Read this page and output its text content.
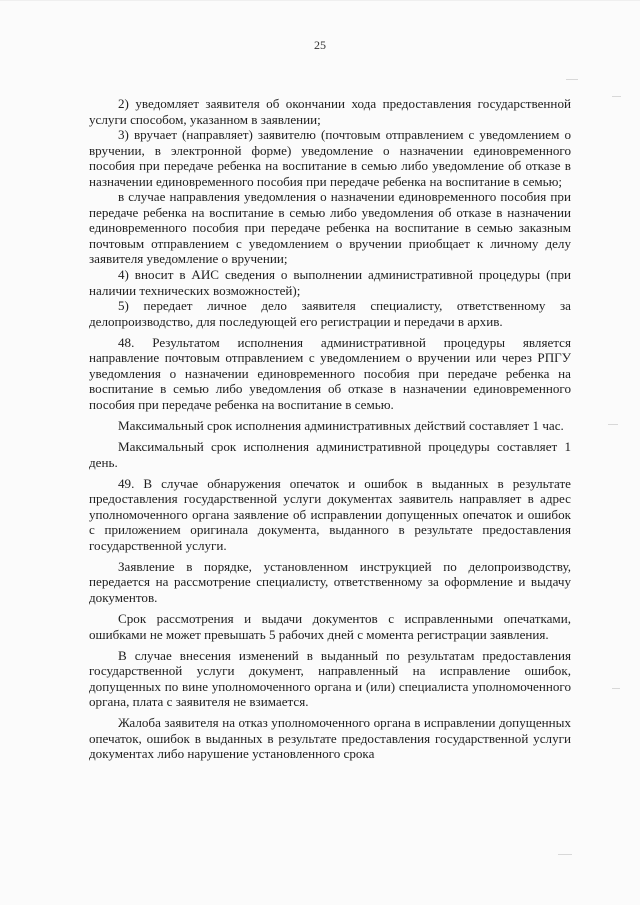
25

2) уведомляет заявителя об окончании хода предоставления государственной услуги способом, указанном в заявлении;

3) вручает (направляет) заявителю (почтовым отправлением с уведомлением о вручении, в электронной форме) уведомление о назначении единовременного пособия при передаче ребенка на воспитание в семью либо уведомление об отказе в назначении единовременного пособия при передаче ребенка на воспитание в семью;

в случае направления уведомления о назначении единовременного пособия при передаче ребенка на воспитание в семью либо уведомления об отказе в назначении единовременного пособия при передаче ребенка на воспитание в семью заказным почтовым отправлением с уведомлением о вручении приобщает к личному делу заявителя уведомление о вручении;

4) вносит в АИС сведения о выполнении административной процедуры (при наличии технических возможностей);

5) передает личное дело заявителя специалисту, ответственному за делопроизводство, для последующей его регистрации и передачи в архив.

48. Результатом исполнения административной процедуры является направление почтовым отправлением с уведомлением о вручении или через РПГУ уведомления о назначении единовременного пособия при передаче ребенка на воспитание в семью либо уведомления об отказе в назначении единовременного пособия при передаче ребенка на воспитание в семью.

Максимальный срок исполнения административных действий составляет 1 час.

Максимальный срок исполнения административной процедуры составляет 1 день.

49. В случае обнаружения опечаток и ошибок в выданных в результате предоставления государственной услуги документах заявитель направляет в адрес уполномоченного органа заявление об исправлении допущенных опечаток и ошибок с приложением оригинала документа, выданного в результате предоставления государственной услуги.

Заявление в порядке, установленном инструкцией по делопроизводству, передается на рассмотрение специалисту, ответственному за оформление и выдачу документов.

Срок рассмотрения и выдачи документов с исправленными опечатками, ошибками не может превышать 5 рабочих дней с момента регистрации заявления.

В случае внесения изменений в выданный по результатам предоставления государственной услуги документ, направленный на исправление ошибок, допущенных по вине уполномоченного органа и (или) специалиста уполномоченного органа, плата с заявителя не взимается.

Жалоба заявителя на отказ уполномоченного органа в исправлении допущенных опечаток, ошибок в выданных в результате предоставления государственной услуги документах либо нарушение установленного срока
